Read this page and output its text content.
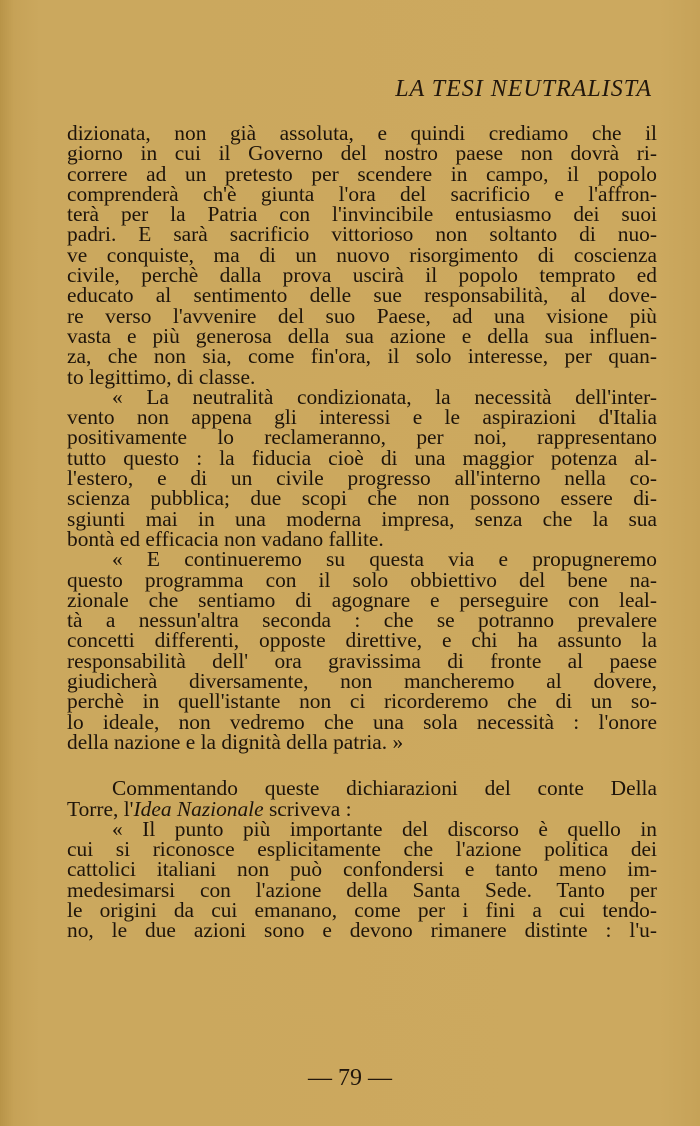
LA TESI NEUTRALISTA
dizionata, non già assoluta, e quindi crediamo che il
giorno in cui il Governo del nostro paese non dovrà ri-
correre ad un pretesto per scendere in campo, il popolo
comprenderà ch'è giunta l'ora del sacrificio e l'affron-
terà per la Patria con l'invincibile entusiasmo dei suoi
padri. E sarà sacrificio vittorioso non soltanto di nuo-
ve conquiste, ma di un nuovo risorgimento di coscienza
civile, perchè dalla prova uscirà il popolo temprato ed
educato al sentimento delle sue responsabilità, al dove-
re verso l'avvenire del suo Paese, ad una visione più
vasta e più generosa della sua azione e della sua influen-
za, che non sia, come fin'ora, il solo interesse, per quan-
to legittimo, di classe.
« La neutralità condizionata, la necessità dell'inter-
vento non appena gli interessi e le aspirazioni d'Italia
positivamente lo reclameranno, per noi, rappresentano
tutto questo : la fiducia cioè di una maggior potenza al-
l'estero, e di un civile progresso all'interno nella co-
scienza pubblica; due scopi che non possono essere di-
sgiunti mai in una moderna impresa, senza che la sua
bontà ed efficacia non vadano fallite.
« E continueremo su questa via e propugneremo
questo programma con il solo obbiettivo del bene na-
zionale che sentiamo di agognare e perseguire con leal-
tà a nessun'altra seconda : che se potranno prevalere
concetti differenti, opposte direttive, e chi ha assunto la
responsabilità dell' ora gravissima di fronte al paese
giudicherà diversamente, non mancheremo al dovere,
perchè in quell'istante non ci ricorderemo che di un so-
lo ideale, non vedremo che una sola necessità : l'onore
della nazione e la dignità della patria. »
Commentando queste dichiarazioni del conte Della
Torre, l'Idea Nazionale scriveva :
« Il punto più importante del discorso è quello in
cui si riconosce esplicitamente che l'azione politica dei
cattolici italiani non può confondersi e tanto meno im-
medesimarsi con l'azione della Santa Sede. Tanto per
le origini da cui emanano, come per i fini a cui tendo-
no, le due azioni sono e devono rimanere distinte : l'u-
— 79 —
